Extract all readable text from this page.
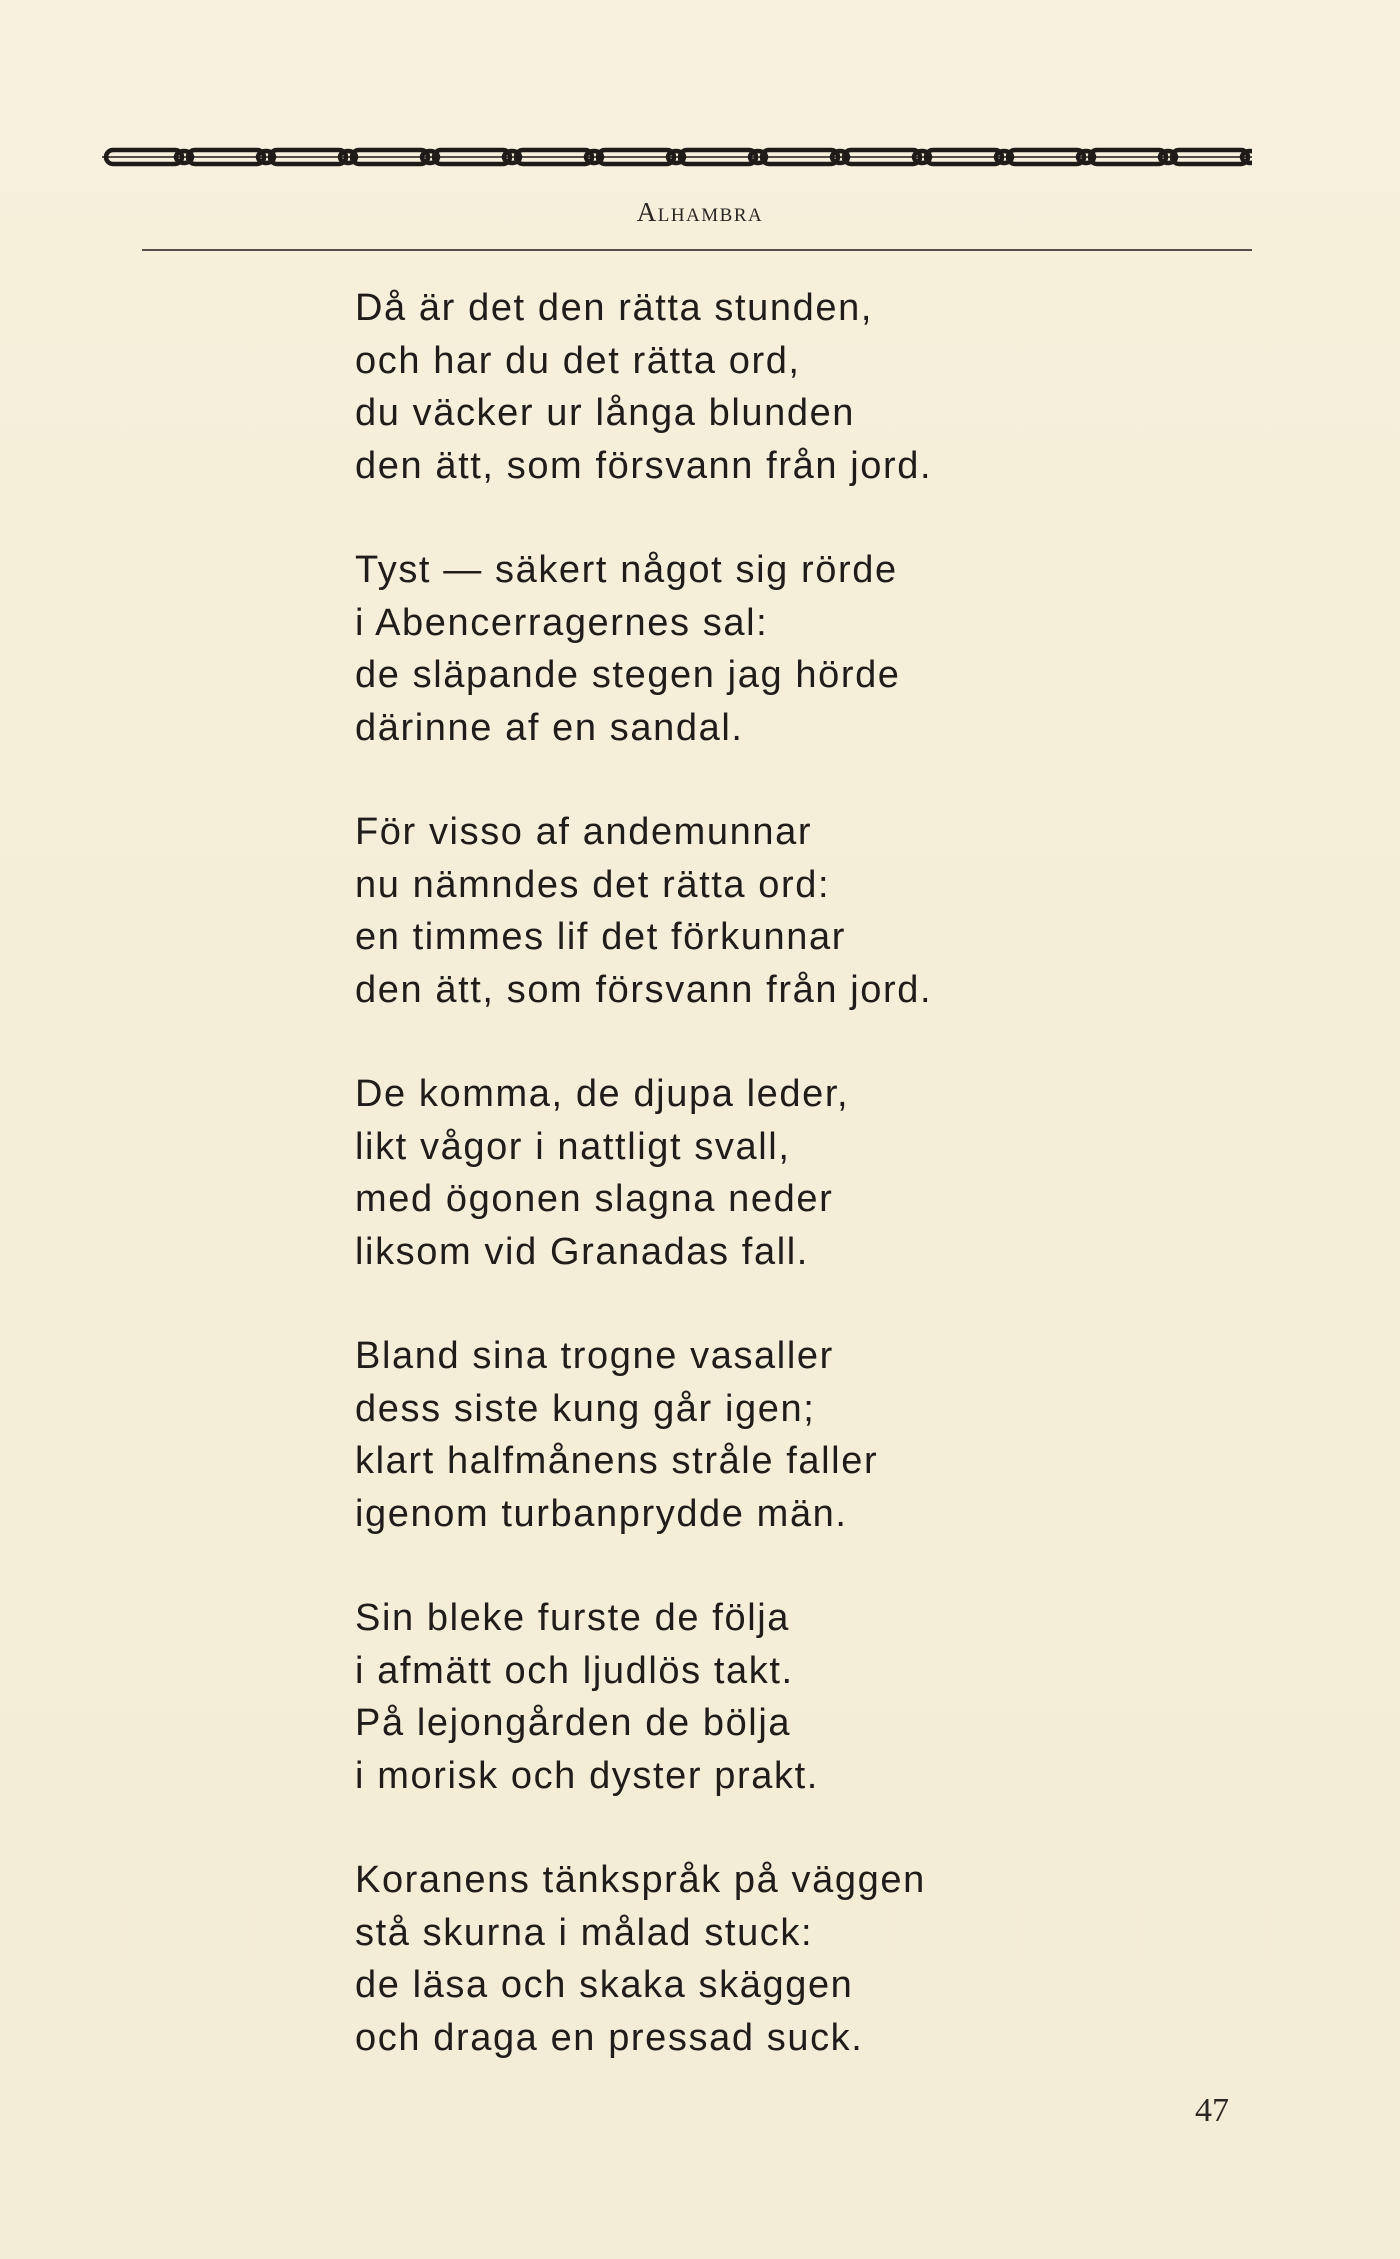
Alhambra
Då är det den rätta stunden,
och har du det rätta ord,
du väcker ur långa blunden
den ätt, som försvann från jord.
Tyst — säkert något sig rörde
i Abencerragernes sal:
de släpande stegen jag hörde
därinne af en sandal.
För visso af andemunnar
nu nämndes det rätta ord:
en timmes lif det förkunnar
den ätt, som försvann från jord.
De komma, de djupa leder,
likt vågor i nattligt svall,
med ögonen slagna neder
liksom vid Granadas fall.
Bland sina trogne vasaller
dess siste kung går igen;
klart halfmånens stråle faller
igenom turbanprydde män.
Sin bleke furste de följa
i afmätt och ljudlös takt.
På lejongården de bölja
i morisk och dyster prakt.
Koranens tänkspråk på väggen
stå skurna i målad stuck:
de läsa och skaka skäggen
och draga en pressad suck.
47
